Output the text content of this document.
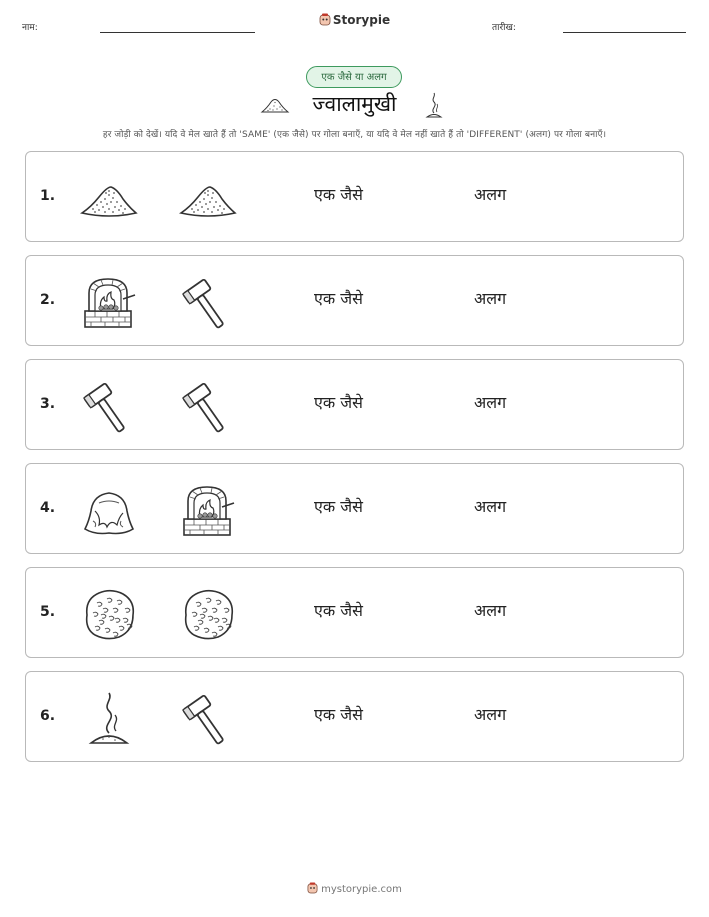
नाम:
Storypie
तारीख:
एक जैसे या अलग
ज्वालामुखी
हर जोड़ी को देखें। यदि वे मेल खाते हैं तो 'SAME' (एक जैसे) पर गोला बनाएँ, या यदि वे मेल नहीं खाते हैं तो 'DIFFERENT' (अलग) पर गोला बनाएँ।
1.	एक जैसे	अलग
2.	एक जैसे	अलग
3.	एक जैसे	अलग
4.	एक जैसे	अलग
5.	एक जैसे	अलग
6.	एक जैसे	अलग
mystorypie.com
